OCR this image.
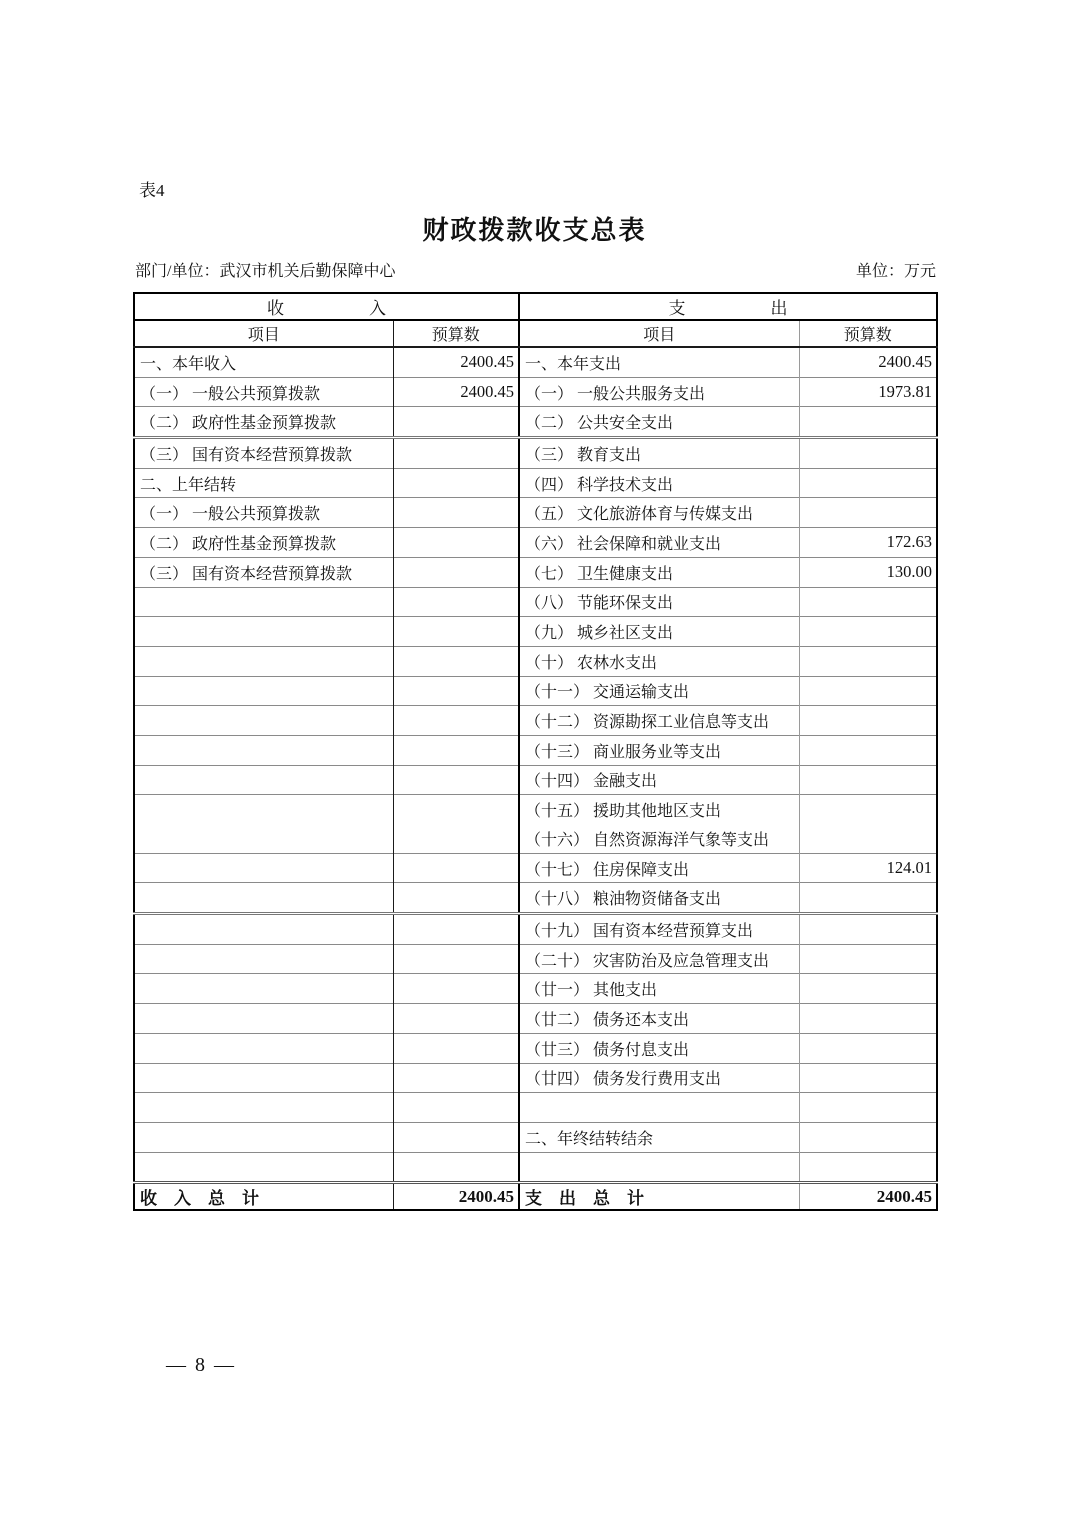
表4
财政拨款收支总表
部门/单位：武汉市机关后勤保障中心	单位：万元
收　　　　　入		支　　　　　出	
项目	预算数	项目	预算数
一、本年收入	2400.45	一、本年支出	2400.45
（一） 一般公共预算拨款	2400.45	（一） 一般公共服务支出	1973.81
（二） 政府性基金预算拨款		（二） 公共安全支出	
（三） 国有资本经营预算拨款		（三） 教育支出	
二、上年结转		（四） 科学技术支出	
（一） 一般公共预算拨款		（五） 文化旅游体育与传媒支出	
（二） 政府性基金预算拨款		（六） 社会保障和就业支出	172.63
（三） 国有资本经营预算拨款		（七） 卫生健康支出	130.00
		（八） 节能环保支出	
		（九） 城乡社区支出	
		（十） 农林水支出	
		（十一） 交通运输支出	
		（十二） 资源勘探工业信息等支出	
		（十三） 商业服务业等支出	
		（十四） 金融支出	
		（十五） 援助其他地区支出	
		（十六） 自然资源海洋气象等支出	
		（十七） 住房保障支出	124.01
		（十八） 粮油物资储备支出	
		（十九） 国有资本经营预算支出	
		（二十） 灾害防治及应急管理支出	
		（廿一） 其他支出	
		（廿二） 债务还本支出	
		（廿三） 债务付息支出	
		（廿四） 债务发行费用支出	

		二、年终结转结余	

收　入　总　计	2400.45	支　出　总　计	2400.45
— 8 —
